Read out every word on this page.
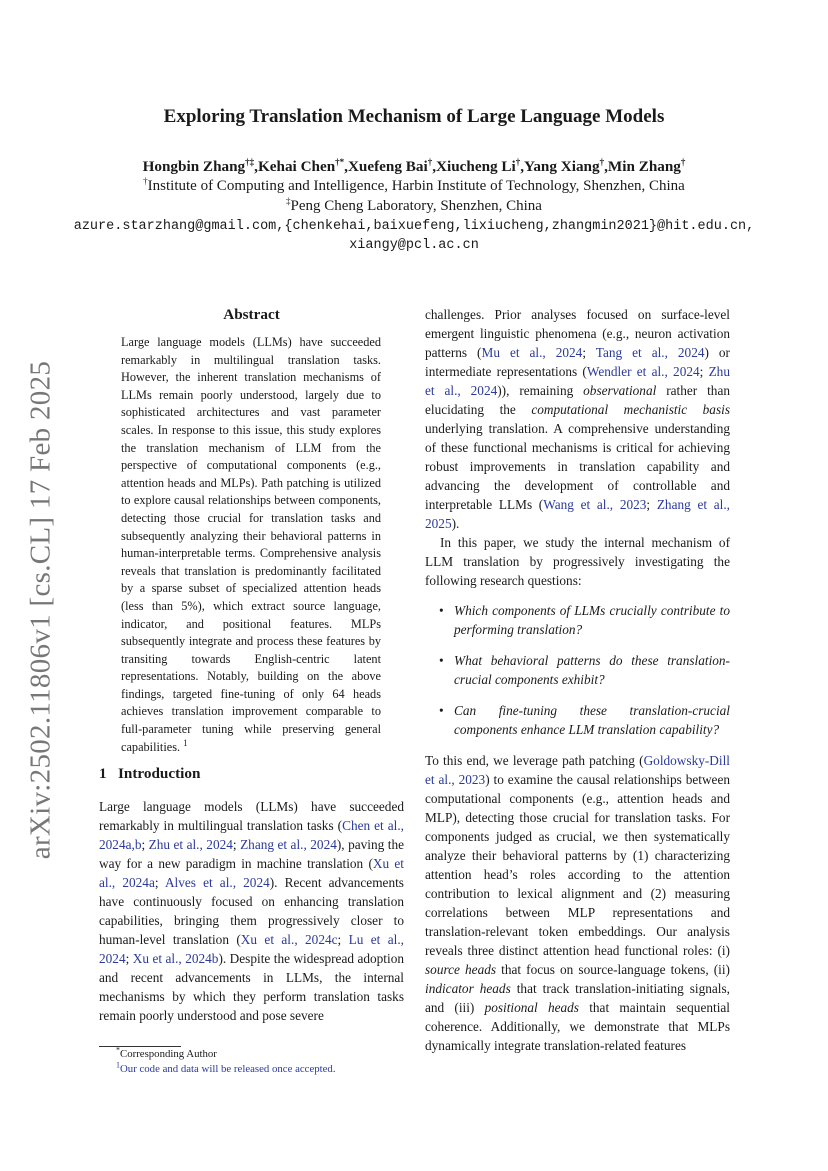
arXiv:2502.11806v1 [cs.CL] 17 Feb 2025
Exploring Translation Mechanism of Large Language Models
Hongbin Zhang†‡,Kehai Chen†*,Xuefeng Bai†,Xiucheng Li†,Yang Xiang†,Min Zhang†
†Institute of Computing and Intelligence, Harbin Institute of Technology, Shenzhen, China
‡Peng Cheng Laboratory, Shenzhen, China
azure.starzhang@gmail.com,{chenkehai,baixuefeng,lixiucheng,zhangmin2021}@hit.edu.cn,
xiangy@pcl.ac.cn
Abstract

Large language models (LLMs) have succeeded remarkably in multilingual translation tasks. However, the inherent translation mechanisms of LLMs remain poorly understood, largely due to sophisticated architectures and vast parameter scales. In response to this issue, this study explores the translation mechanism of LLM from the perspective of computational components (e.g., attention heads and MLPs). Path patching is utilized to explore causal relationships between components, detecting those crucial for translation tasks and subsequently analyzing their behavioral patterns in human-interpretable terms. Comprehensive analysis reveals that translation is predominantly facilitated by a sparse subset of specialized attention heads (less than 5%), which extract source language, indicator, and positional features. MLPs subsequently integrate and process these features by transiting towards English-centric latent representations. Notably, building on the above findings, targeted fine-tuning of only 64 heads achieves translation improvement comparable to full-parameter tuning while preserving general capabilities. $^1$

1 Introduction

Large language models (LLMs) have succeeded remarkably in multilingual translation tasks (Chen et al., 2024a,b; Zhu et al., 2024; Zhang et al., 2024), paving the way for a new paradigm in machine translation (Xu et al., 2024a; Alves et al., 2024). Recent advancements have continuously focused on enhancing translation capabilities, bringing them progressively closer to human-level translation (Xu et al., 2024c; Lu et al., 2024; Xu et al., 2024b). Despite the widespread adoption and recent advancements in LLMs, the internal mechanisms by which they perform translation tasks remain poorly understood and pose severe

*Corresponding Author
$^1$Our code and data will be released once accepted.

challenges. Prior analyses focused on surface-level emergent linguistic phenomena (e.g., neuron activation patterns (Mu et al., 2024; Tang et al., 2024) or intermediate representations (Wendler et al., 2024; Zhu et al., 2024)), remaining observational rather than elucidating the computational mechanistic basis underlying translation. A comprehensive understanding of these functional mechanisms is critical for achieving robust improvements in translation capability and advancing the development of controllable and interpretable LLMs (Wang et al., 2023; Zhang et al., 2025).

In this paper, we study the internal mechanism of LLM translation by progressively investigating the following research questions:

• Which components of LLMs crucially contribute to performing translation?
• What behavioral patterns do these translation-crucial components exhibit?
• Can fine-tuning these translation-crucial components enhance LLM translation capability?

To this end, we leverage path patching (Goldowsky-Dill et al., 2023) to examine the causal relationships between computational components (e.g., attention heads and MLP), detecting those crucial for translation tasks. For components judged as crucial, we then systematically analyze their behavioral patterns by (1) characterizing attention head’s roles according to the attention contribution to lexical alignment and (2) measuring correlations between MLP representations and translation-relevant token embeddings. Our analysis reveals three distinct attention head functional roles: (i) source heads that focus on source-language tokens, (ii) indicator heads that track translation-initiating signals, and (iii) positional heads that maintain sequential coherence. Additionally, we demonstrate that MLPs dynamically integrate translation-related features
